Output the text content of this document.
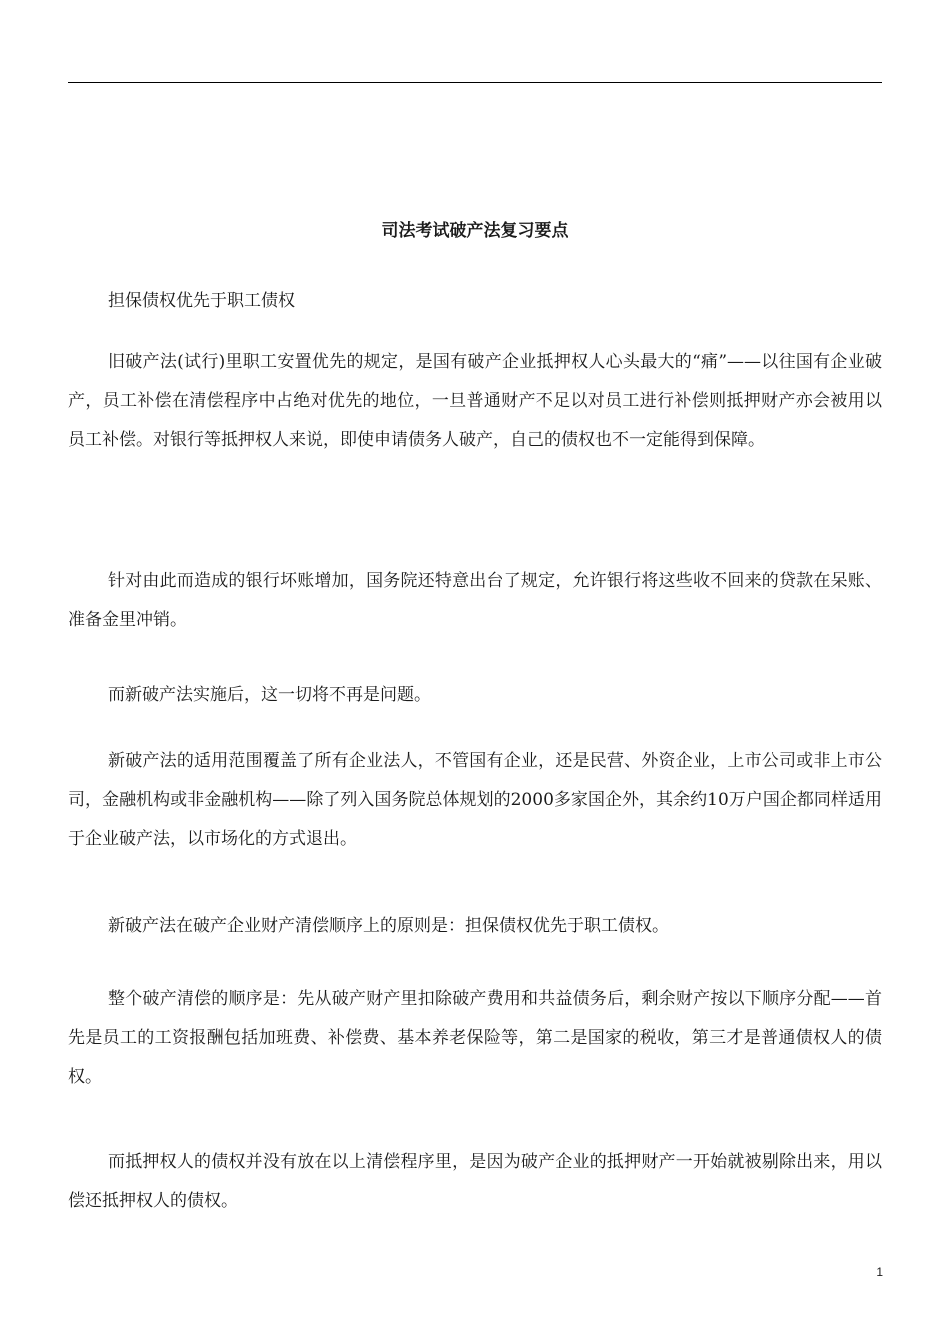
司法考试破产法复习要点

担保债权优先于职工债权

旧破产法(试行)里职工安置优先的规定，是国有破产企业抵押权人心头最大的“痛”——以往国有企业破产，员工补偿在清偿程序中占绝对优先的地位，一旦普通财产不足以对员工进行补偿则抵押财产亦会被用以员工补偿。对银行等抵押权人来说，即使申请债务人破产，自己的债权也不一定能得到保障。

针对由此而造成的银行坏账增加，国务院还特意出台了规定，允许银行将这些收不回来的贷款在呆账、准备金里冲销。

而新破产法实施后，这一切将不再是问题。

新破产法的适用范围覆盖了所有企业法人，不管国有企业，还是民营、外资企业，上市公司或非上市公司，金融机构或非金融机构——除了列入国务院总体规划的2000多家国企外，其余约10万户国企都同样适用于企业破产法，以市场化的方式退出。

新破产法在破产企业财产清偿顺序上的原则是：担保债权优先于职工债权。

整个破产清偿的顺序是：先从破产财产里扣除破产费用和共益债务后，剩余财产按以下顺序分配——首先是员工的工资报酬包括加班费、补偿费、基本养老保险等，第二是国家的税收，第三才是普通债权人的债权。

而抵押权人的债权并没有放在以上清偿程序里，是因为破产企业的抵押财产一开始就被剔除出来，用以偿还抵押权人的债权。

1
